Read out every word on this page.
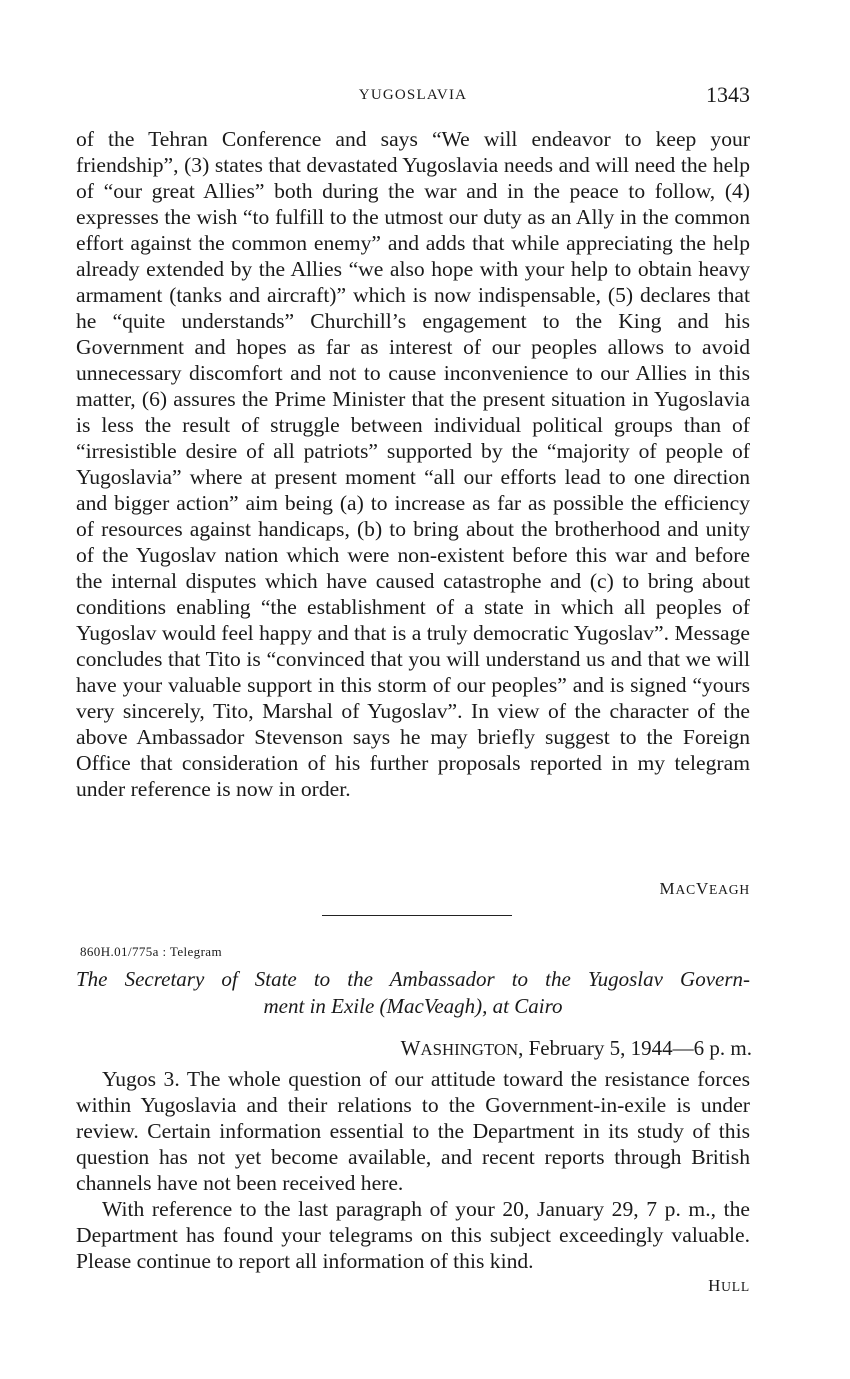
YUGOSLAVIA	1343

of the Tehran Conference and says “We will endeavor to keep your friendship”, (3) states that devastated Yugoslavia needs and will need the help of “our great Allies” both during the war and in the peace to follow, (4) expresses the wish “to fulfill to the utmost our duty as an Ally in the common effort against the common enemy” and adds that while appreciating the help already extended by the Allies “we also hope with your help to obtain heavy armament (tanks and aircraft)” which is now indispensable, (5) declares that he “quite understands” Churchill’s engagement to the King and his Government and hopes as far as interest of our peoples allows to avoid unnecessary discomfort and not to cause inconvenience to our Allies in this matter, (6) assures the Prime Minister that the present situation in Yugoslavia is less the result of struggle between individual political groups than of “irresistible desire of all patriots” supported by the “majority of people of Yugoslavia” where at present moment “all our efforts lead to one direction and bigger action” aim being (a) to increase as far as possible the efficiency of resources against handicaps, (b) to bring about the brotherhood and unity of the Yugoslav nation which were non-existent before this war and before the internal disputes which have caused catastrophe and (c) to bring about conditions enabling “the establishment of a state in which all peoples of Yugoslav would feel happy and that is a truly democratic Yugoslav”. Message concludes that Tito is “convinced that you will understand us and that we will have your valuable support in this storm of our peoples” and is signed “yours very sincerely, Tito, Marshal of Yugoslav”. In view of the character of the above Ambassador Stevenson says he may briefly suggest to the Foreign Office that consideration of his further proposals reported in my telegram under reference is now in order.

MACVEAGH
860H.01/775a : Telegram
The Secretary of State to the Ambassador to the Yugoslav Govern-
ment in Exile (MacVeagh), at Cairo
WASHINGTON, February 5, 1944—6 p. m.

Yugos 3. The whole question of our attitude toward the resistance forces within Yugoslavia and their relations to the Government-in-exile is under review. Certain information essential to the Department in its study of this question has not yet become available, and recent reports through British channels have not been received here.

With reference to the last paragraph of your 20, January 29, 7 p. m., the Department has found your telegrams on this subject exceedingly valuable. Please continue to report all information of this kind.

HULL
